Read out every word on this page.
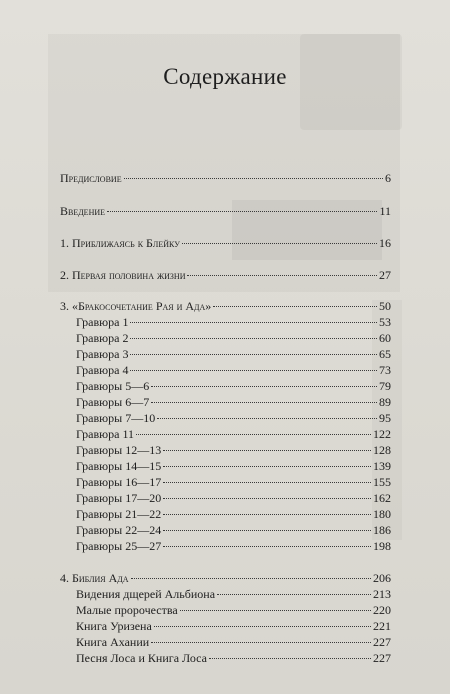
Содержание
Предисловие	6
Введение	11
1. Приближаясь к Блейку	16
2. Первая половина жизни	27
3. «Бракосочетание Рая и Ада»	50
Гравюра 1	53
Гравюра 2	60
Гравюра 3	65
Гравюра 4	73
Гравюры 5—6	79
Гравюры 6—7	89
Гравюры 7—10	95
Гравюра 11	122
Гравюры 12—13	128
Гравюры 14—15	139
Гравюры 16—17	155
Гравюры 17—20	162
Гравюры 21—22	180
Гравюры 22—24	186
Гравюры 25—27	198
4. Библия Ада	206
Видения дщерей Альбиона	213
Малые пророчества	220
Книга Уризена	221
Книга Ахании	227
Песня Лоса и Книга Лоса	227
